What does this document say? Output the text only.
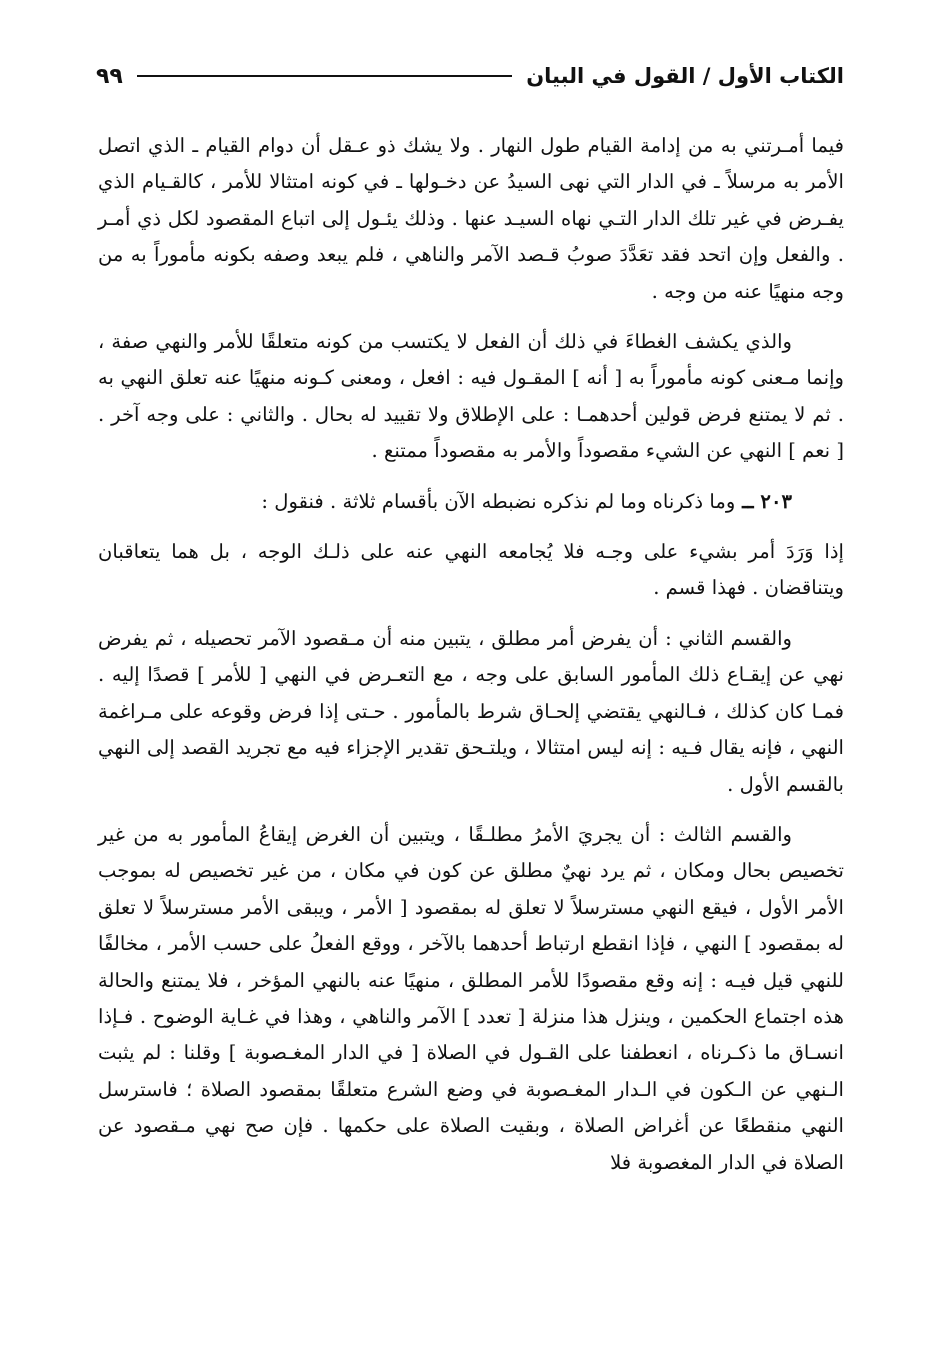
الكتاب الأول / القول في البيان
٩٩

فيما أمـرتني به من إدامة القيام طول النهار . ولا يشك ذو عـقل أن دوام القيام ـ الذي اتصل الأمر به مرسلاً ـ في الدار التي نهى السيدُ عن دخـولها ـ في كونه امتثالا للأمر ، كالقـيام الذي يفـرض في غير تلك الدار التـي نهاه السيـد عنها . وذلك يئـول إلى اتباع المقصود لكل ذي أمـر . والفعل وإن اتحد فقد تعَدَّدَ صوبُ قـصد الآمر والناهي ، فلم يبعد وصفه بكونه مأموراً به من وجه منهيًا عنه من وجه .

والذي يكشف الغطاءَ في ذلك أن الفعل لا يكتسب من كونه متعلقًا للأمر والنهي صفة ، وإنما مـعنى كونه مأموراً به [ أنه ] المقـول فيه : افعل ، ومعنى كـونه منهيًا عنه تعلق النهي به . ثم لا يمتنع فرض قولين أحدهمـا : على الإطلاق ولا تقييد له بحال . والثاني : على وجه آخر . [ نعم ] النهي عن الشيء مقصوداً والأمر به مقصوداً ممتنع .

٢٠٣ ــ وما ذكرناه وما لم نذكره نضبطه الآن بأقسام ثلاثة . فنقول :

إذا وَرَدَ أمر بشيء على وجـه فلا يُجامعه النهي عنه على ذلـك الوجه ، بل هما يتعاقبان ويتناقضان . فهذا قسم .

والقسم الثاني : أن يفرض أمر مطلق ، يتبين منه أن مـقصود الآمر تحصيله ، ثم يفرض نهي عن إيقـاع ذلك المأمور السابق على وجه ، مع التعـرض في النهي [ للأمر ] قصدًا إليه . فمـا كان كذلك ، فـالنهي يقتضي إلحـاق شرط بالمأمور . حـتى إذا فرض وقوعه على مـراغمة النهي ، فإنه يقال فـيه : إنه ليس امتثالا ، ويلتـحق تقدير الإجزاء فيه مع تجريد القصد إلى النهي بالقسم الأول .

والقسم الثالث : أن يجريَ الأمرُ مطلـقًا ، ويتبين أن الغرض إيقاعُ المأمور به من غير تخصيص بحال ومكان ، ثم يرد نهيٌ مطلق عن كون في مكان ، من غير تخصيص له بموجب الأمر الأول ، فيقع النهي مسترسلاً لا تعلق له بمقصود [ الأمر ، ويبقى الأمر مسترسلاً لا تعلق له بمقصود ] النهي ، فإذا انقطع ارتباط أحدهما بالآخر ، ووقع الفعلُ على حسب الأمر ، مخالفًا للنهي قيل فيـه : إنه وقع مقصودًا للأمر المطلق ، منهيًا عنه بالنهي المؤخر ، فلا يمتنع والحالة هذه اجتماع الحكمين ، وينزل هذا منزلة [ تعدد ] الآمر والناهي ، وهذا في غـاية الوضوح . فـإذا انسـاق ما ذكـرناه ، انعطفنا على القـول في الصلاة [ في الدار المغـصوبة ] وقلنا : لم يثبت الـنهي عن الـكون في الـدار المغـصوبة في وضع الشرع متعلقًا بمقصود الصلاة ؛ فاسترسل النهي منقطعًا عن أغراض الصلاة ، وبقيت الصلاة على حكمها . فإن صح نهي مـقصود عن الصلاة في الدار المغصوبة فلا
